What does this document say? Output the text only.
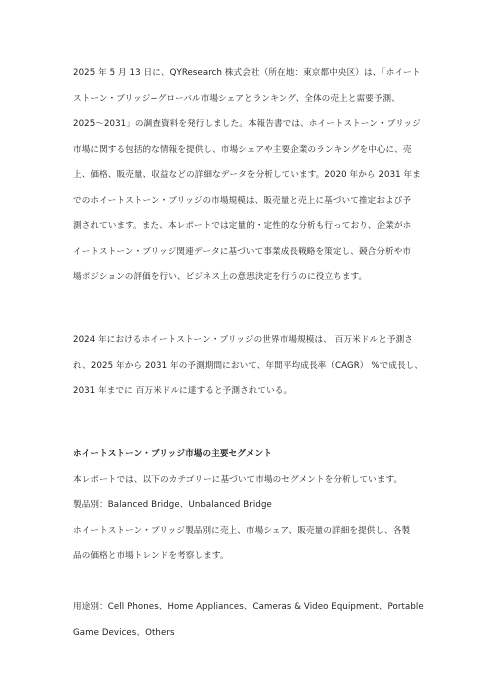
2025 年 5 月 13 日に、QYResearch 株式会社（所在地：東京都中央区）は、「ホイート
ストーン・ブリッジ−グローバル市場シェアとランキング、全体の売上と需要予測、
2025〜2031」の調査資料を発行しました。本報告書では、ホイートストーン・ブリッジ
市場に関する包括的な情報を提供し、市場シェアや主要企業のランキングを中心に、売
上、価格、販売量、収益などの詳細なデータを分析しています。2020 年から 2031 年ま
でのホイートストーン・ブリッジの市場規模は、販売量と売上に基づいて推定および予
測されています。また、本レポートでは定量的・定性的な分析も行っており、企業がホ
イートストーン・ブリッジ関連データに基づいて事業成長戦略を策定し、競合分析や市
場ポジションの評価を行い、ビジネス上の意思決定を行うのに役立ちます。

2024 年におけるホイートストーン・ブリッジの世界市場規模は、 百万米ドルと予測さ
れ、2025 年から 2031 年の予測期間において、年間平均成長率（CAGR） %で成長し、
2031 年までに 百万米ドルに達すると予測されている。

ホイートストーン・ブリッジ市場の主要セグメント

本レポートでは、以下のカテゴリーに基づいて市場のセグメントを分析しています。

製品別：Balanced Bridge、Unbalanced Bridge

ホイートストーン・ブリッジ製品別に売上、市場シェア、販売量の詳細を提供し、各製
品の価格と市場トレンドを考察します。

用途別：Cell Phones、Home Appliances、Cameras & Video Equipment、Portable
Game Devices、Others
